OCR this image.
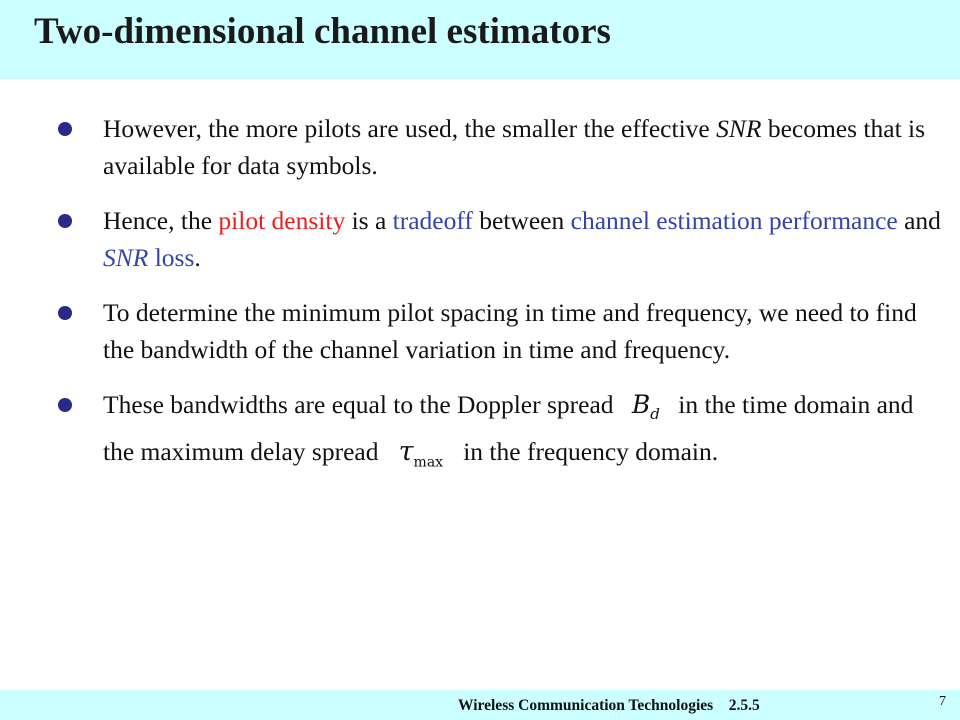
Two-dimensional channel estimators
However, the more pilots are used, the smaller the effective SNR becomes that is available for data symbols.
Hence, the pilot density is a tradeoff between channel estimation performance and SNR loss.
To determine the minimum pilot spacing in time and frequency, we need to find the bandwidth of the channel variation in time and frequency.
These bandwidths are equal to the Doppler spread $B_d$ in the time domain and the maximum delay spread $\tau_{max}$ in the frequency domain.
Wireless Communication Technologies    2.5.5	7
